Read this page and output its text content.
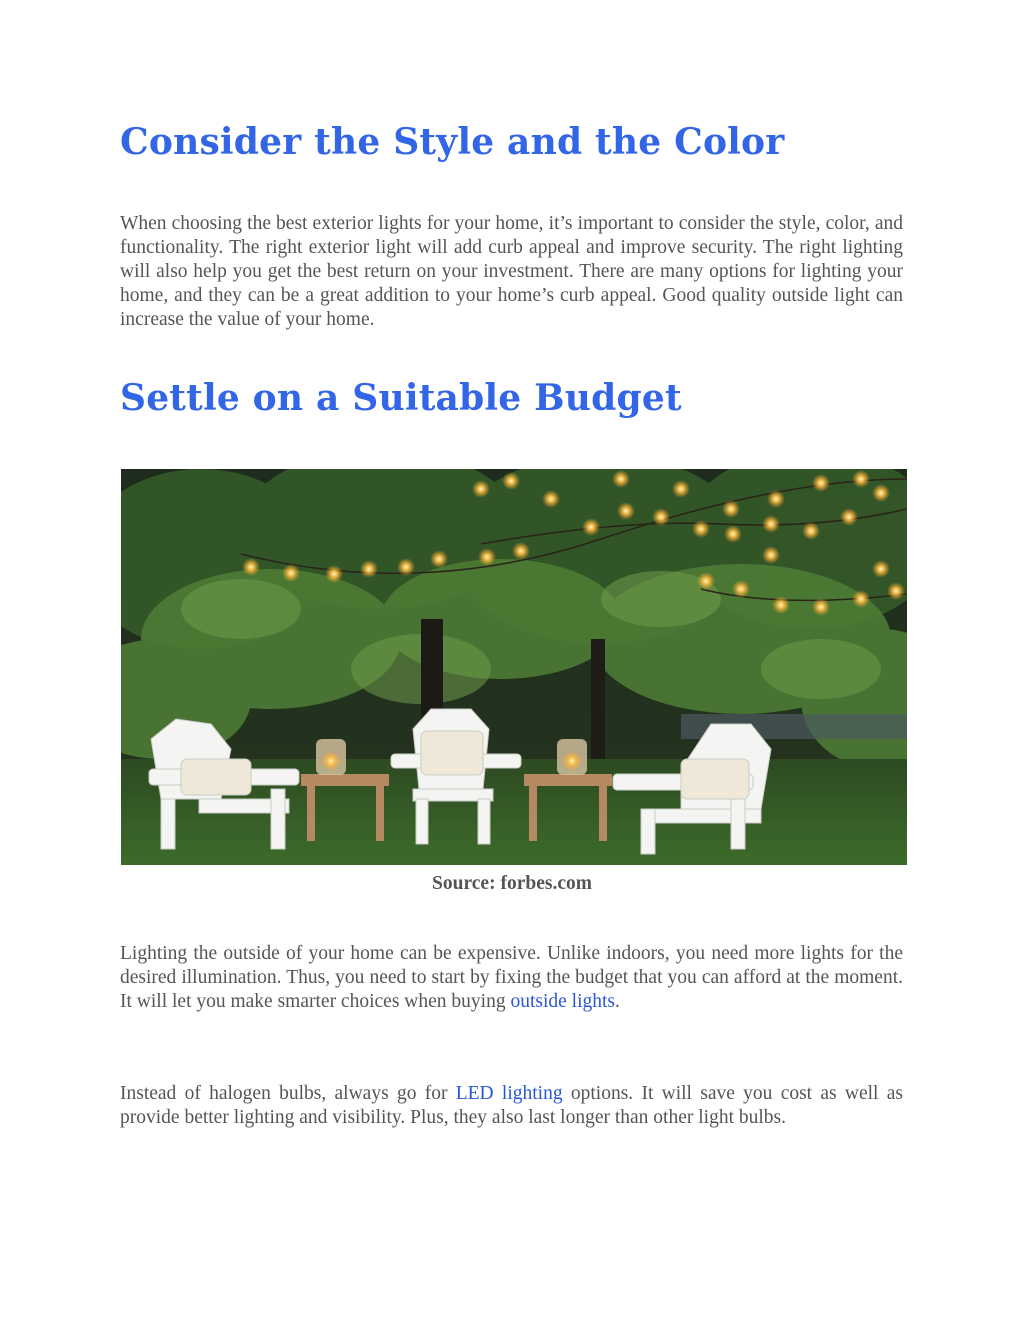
Consider the Style and the Color

When choosing the best exterior lights for your home, it’s important to consider the style, color, and functionality. The right exterior light will add curb appeal and improve security. The right lighting will also help you get the best return on your investment. There are many options for lighting your home, and they can be a great addition to your home’s curb appeal. Good quality outside light can increase the value of your home.

Settle on a Suitable Budget
Source: forbes.com

Lighting the outside of your home can be expensive. Unlike indoors, you need more lights for the desired illumination. Thus, you need to start by fixing the budget that you can afford at the moment. It will let you make smarter choices when buying outside lights.

Instead of halogen bulbs, always go for LED lighting options. It will save you cost as well as provide better lighting and visibility. Plus, they also last longer than other light bulbs.
